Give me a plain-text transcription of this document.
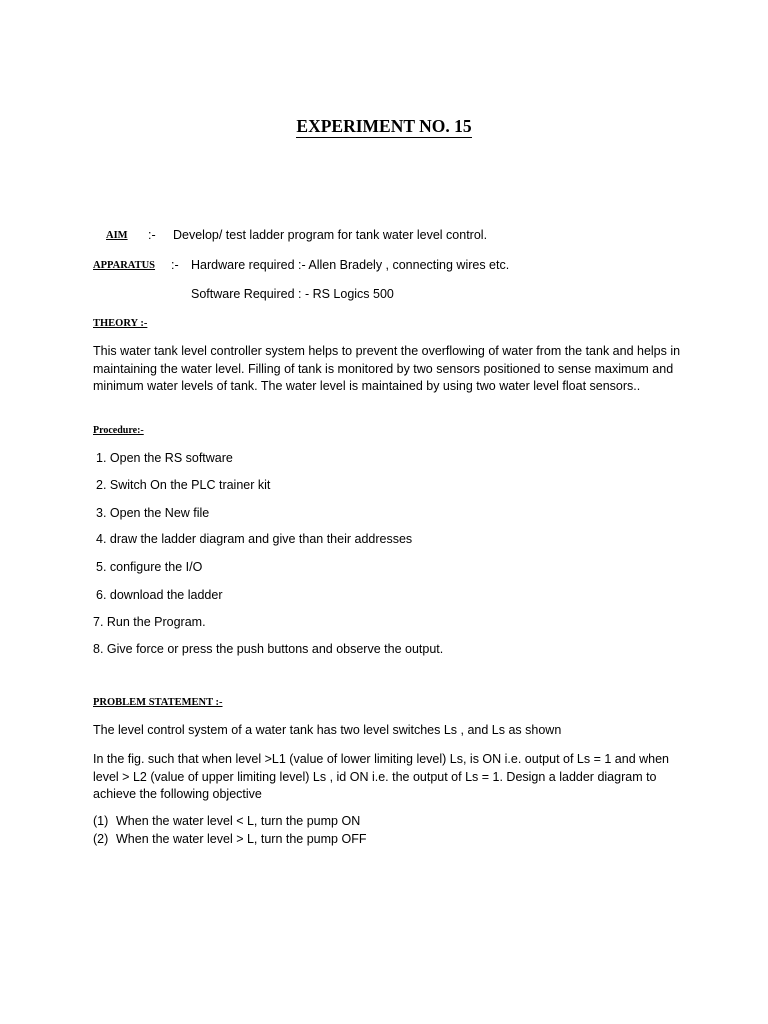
EXPERIMENT NO. 15
AIM :- Develop/ test ladder program for tank water level control.
APPARATUS :- Hardware required :- Allen Bradely , connecting wires etc.
Software Required : - RS Logics 500
THEORY :-
This water tank level controller system helps to prevent the overflowing of water from the tank and helps in maintaining the water level. Filling of tank is monitored by two sensors positioned to sense maximum and minimum water levels of tank. The water level is maintained by using two water level float sensors..
Procedure:-
1. Open the RS software
2. Switch On the PLC trainer kit
3. Open the New file
4. draw the ladder diagram and give than their addresses
5. configure the I/O
6. download the ladder
7. Run the Program.
8. Give force or press the push buttons and observe the output.
PROBLEM STATEMENT :-
The level control system of a water tank has two level switches Ls , and Ls as shown
In the fig. such that when level >L1 (value of lower limiting level) Ls, is ON i.e. output of Ls = 1 and when level > L2 (value of upper limiting level) Ls , id ON i.e. the output of Ls = 1. Design a ladder diagram to achieve the following objective
(1) When the water level < L, turn the pump ON
(2) When the water level > L, turn the pump OFF
